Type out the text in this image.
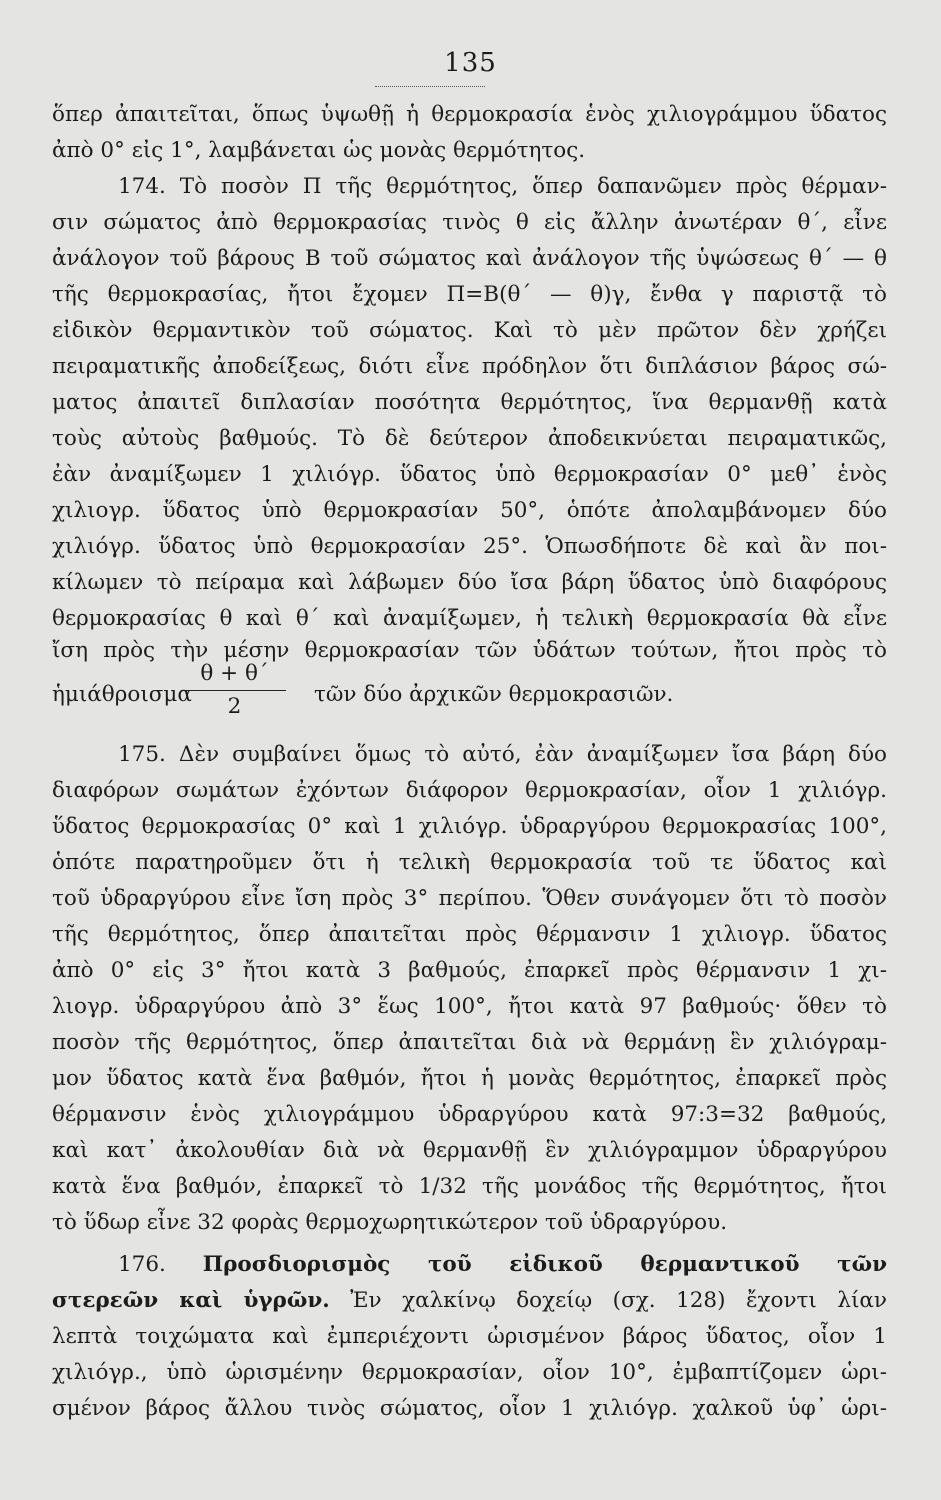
135
ὅπερ ἀπαιτεῖται, ὅπως ὑψωθῇ ἡ θερμοκρασία ἑνὸς χιλιογράμμου ὕδατος
ἀπὸ 0° εἰς 1°, λαμβάνεται ὡς μονὰς θερμότητος.
174. Τὸ ποσὸν Π τῆς θερμότητος, ὅπερ δαπανῶμεν πρὸς θέρμαν-
σιν σώματος ἀπὸ θερμοκρασίας τινὸς θ εἰς ἄλλην ἀνωτέραν θ΄, εἶνε
ἀνάλογον τοῦ βάρους Β τοῦ σώματος καὶ ἀνάλογον τῆς ὑψώσεως θ΄ — θ
τῆς θερμοκρασίας, ἤτοι ἔχομεν Π=Β(θ΄ — θ)γ, ἔνθα γ παριστᾷ τὸ
εἰδικὸν θερμαντικὸν τοῦ σώματος. Καὶ τὸ μὲν πρῶτον δὲν χρήζει
πειραματικῆς ἀποδείξεως, διότι εἶνε πρόδηλον ὅτι διπλάσιον βάρος σώ-
ματος ἀπαιτεῖ διπλασίαν ποσότητα θερμότητος, ἵνα θερμανθῇ κατὰ
τοὺς αὐτοὺς βαθμούς. Τὸ δὲ δεύτερον ἀποδεικνύεται πειραματικῶς,
ἐὰν ἀναμίξωμεν 1 χιλιόγρ. ὕδατος ὑπὸ θερμοκρασίαν 0° μεθ᾿ ἑνὸς
χιλιογρ. ὕδατος ὑπὸ θερμοκρασίαν 50°, ὁπότε ἀπολαμβάνομεν δύο
χιλιόγρ. ὕδατος ὑπὸ θερμοκρασίαν 25°. Ὁπωσδήποτε δὲ καὶ ἂν ποι-
κίλωμεν τὸ πείραμα καὶ λάβωμεν δύο ἴσα βάρη ὕδατος ὑπὸ διαφόρους
θερμοκρασίας θ καὶ θ΄ καὶ ἀναμίξωμεν, ἡ τελικὴ θερμοκρασία θὰ εἶνε
ἴση πρὸς τὴν μέσην θερμοκρασίαν τῶν ὑδάτων τούτων, ἤτοι πρὸς τὸ
ἡμιάθροισμα
θ + θ΄
2	τῶν δύο ἀρχικῶν θερμοκρασιῶν.
175. Δὲν συμβαίνει ὅμως τὸ αὐτό, ἐὰν ἀναμίξωμεν ἴσα βάρη δύο
διαφόρων σωμάτων ἐχόντων διάφορον θερμοκρασίαν, οἷον 1 χιλιόγρ.
ὕδατος θερμοκρασίας 0° καὶ 1 χιλιόγρ. ὑδραργύρου θερμοκρασίας 100°,
ὁπότε παρατηροῦμεν ὅτι ἡ τελικὴ θερμοκρασία τοῦ τε ὕδατος καὶ
τοῦ ὑδραργύρου εἶνε ἴση πρὸς 3° περίπου. Ὅθεν συνάγομεν ὅτι τὸ ποσὸν
τῆς θερμότητος, ὅπερ ἀπαιτεῖται πρὸς θέρμανσιν 1 χιλιογρ. ὕδατος
ἀπὸ 0° εἰς 3° ἤτοι κατὰ 3 βαθμούς, ἐπαρκεῖ πρὸς θέρμανσιν 1 χι-
λιογρ. ὑδραργύρου ἀπὸ 3° ἕως 100°, ἤτοι κατὰ 97 βαθμούς· ὅθεν τὸ
ποσὸν τῆς θερμότητος, ὅπερ ἀπαιτεῖται διὰ νὰ θερμάνῃ ἓν χιλιόγραμ-
μον ὕδατος κατὰ ἕνα βαθμόν, ἤτοι ἡ μονὰς θερμότητος, ἐπαρκεῖ πρὸς
θέρμανσιν ἑνὸς χιλιογράμμου ὑδραργύρου κατὰ 97:3=32 βαθμούς,
καὶ κατ᾿ ἀκολουθίαν διὰ νὰ θερμανθῇ ἓν χιλιόγραμμον ὑδραργύρου
κατὰ ἕνα βαθμόν, ἐπαρκεῖ τὸ 1/32 τῆς μονάδος τῆς θερμότητος, ἤτοι
τὸ ὕδωρ εἶνε 32 φορὰς θερμοχωρητικώτερον τοῦ ὑδραργύρου.
176. Προσδιορισμὸς τοῦ εἰδικοῦ θερμαντικοῦ τῶν
στερεῶν καὶ ὑγρῶν. Ἐν χαλκίνῳ δοχείῳ (σχ. 128) ἔχοντι λίαν
λεπτὰ τοιχώματα καὶ ἐμπεριέχοντι ὡρισμένον βάρος ὕδατος, οἷον 1
χιλιόγρ., ὑπὸ ὡρισμένην θερμοκρασίαν, οἷον 10°, ἐμβαπτίζομεν ὡρι-
σμένον βάρος ἄλλου τινὸς σώματος, οἷον 1 χιλιόγρ. χαλκοῦ ὑφ᾿ ὡρι-
